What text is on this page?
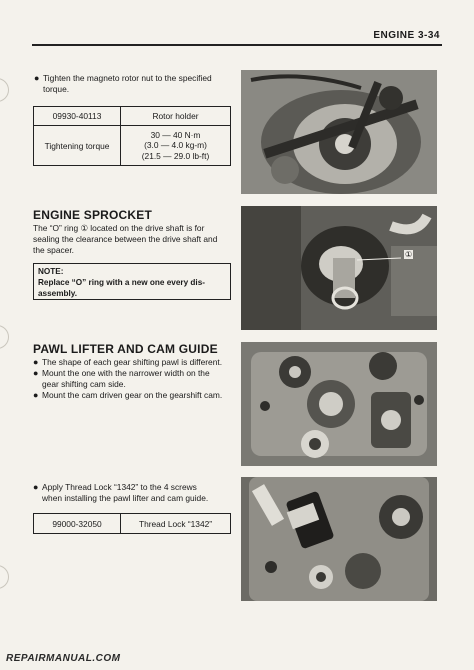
ENGINE 3-34
● Tighten the magneto rotor nut to the specified torque.
09930-40113	Rotor holder
Tightening torque	30 — 40 N·m
(3.0 — 4.0 kg-m)
(21.5 — 29.0 lb-ft)
ENGINE SPROCKET
The “O” ring ① located on the drive shaft is for
sealing the clearance between the drive shaft and
the spacer.
NOTE:
Replace “O” ring with a new one every dis-
assembly.
①
PAWL LIFTER AND CAM GUIDE
● The shape of each gear shifting pawl is different.
● Mount the one with the narrower width on the
gear shifting cam side.
● Mount the cam driven gear on the gearshift cam.
● Apply Thread Lock “1342” to the 4 screws
when installing the pawl lifter and cam guide.
99000-32050	Thread Lock “1342”
REPAIRMANUAL.COM
